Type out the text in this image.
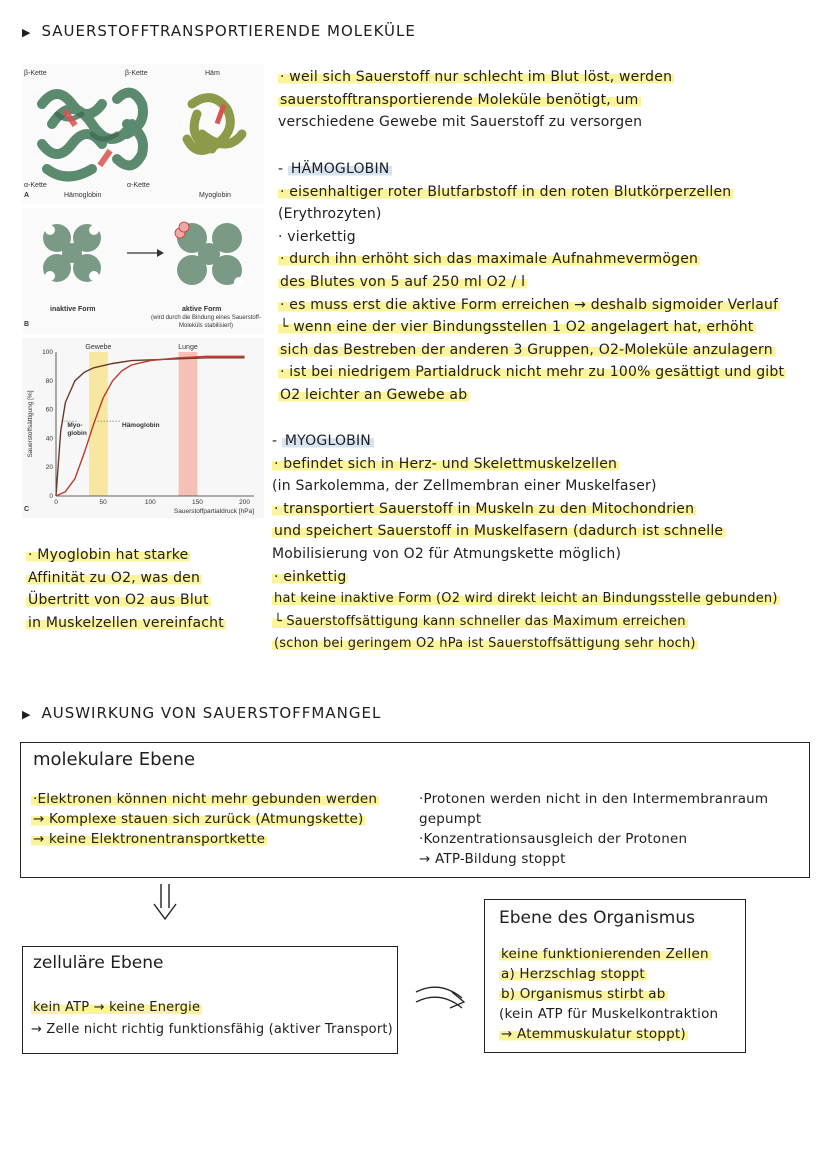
▶ SAUERSTOFFTRANSPORTIERENDE MOLEKÜLE
β-Kette	β-Kette	Häm
α-Kette	α-Kette
A	Hämoglobin	Myoglobin
inaktive Form	aktive Form
(wird durch die Bindung eines Sauerstoff-Moleküls stabilisiert)
B
Gewebe	Lunge
0	50	100	150	200
0
20
40
60
80
100
Sauerstoffpartialdruck [hPa]
Sauerstoffsättigung [%]	Myo-
globin
Hämoglobin
C
· weil sich Sauerstoff nur schlecht im Blut löst, werden
sauerstofftransportierende Moleküle benötigt, um
verschiedene Gewebe mit Sauerstoff zu versorgen
- HÄMOGLOBIN
· eisenhaltiger roter Blutfarbstoff in den roten Blutkörperzellen
(Erythrozyten)
· vierkettig
· durch ihn erhöht sich das maximale Aufnahmevermögen
des Blutes von 5 auf 250 ml O2 / l
· es muss erst die aktive Form erreichen → deshalb sigmoider Verlauf
└ wenn eine der vier Bindungsstellen 1 O2 angelagert hat, erhöht
sich das Bestreben der anderen 3 Gruppen, O2-Moleküle anzulagern
· ist bei niedrigem Partialdruck nicht mehr zu 100% gesättigt und gibt
O2 leichter an Gewebe ab
- MYOGLOBIN
· befindet sich in Herz- und Skelettmuskelzellen
(in Sarkolemma, der Zellmembran einer Muskelfaser)
· transportiert Sauerstoff in Muskeln zu den Mitochondrien
und speichert Sauerstoff in Muskelfasern (dadurch ist schnelle
Mobilisierung von O2 für Atmungskette möglich)
· einkettig
hat keine inaktive Form (O2 wird direkt leicht an Bindungsstelle gebunden)
└ Sauerstoffsättigung kann schneller das Maximum erreichen
(schon bei geringem O2 hPa ist Sauerstoffsättigung sehr hoch)
· Myoglobin hat starke
Affinität zu O2, was den
Übertritt von O2 aus Blut
in Muskelzellen vereinfacht
▶ AUSWIRKUNG VON SAUERSTOFFMANGEL
molekulare Ebene
·Elektronen können nicht mehr gebunden werden
→ Komplexe stauen sich zurück (Atmungskette)
→ keine Elektronentransportkette
·Protonen werden nicht in den Intermembranraum
gepumpt
·Konzentrationsausgleich der Protonen
→ ATP-Bildung stoppt
zelluläre Ebene
kein ATP → keine Energie
→ Zelle nicht richtig funktionsfähig (aktiver Transport)
Ebene des Organismus
keine funktionierenden Zellen
a) Herzschlag stoppt
b) Organismus stirbt ab
(kein ATP für Muskelkontraktion
→ Atemmuskulatur stoppt)
